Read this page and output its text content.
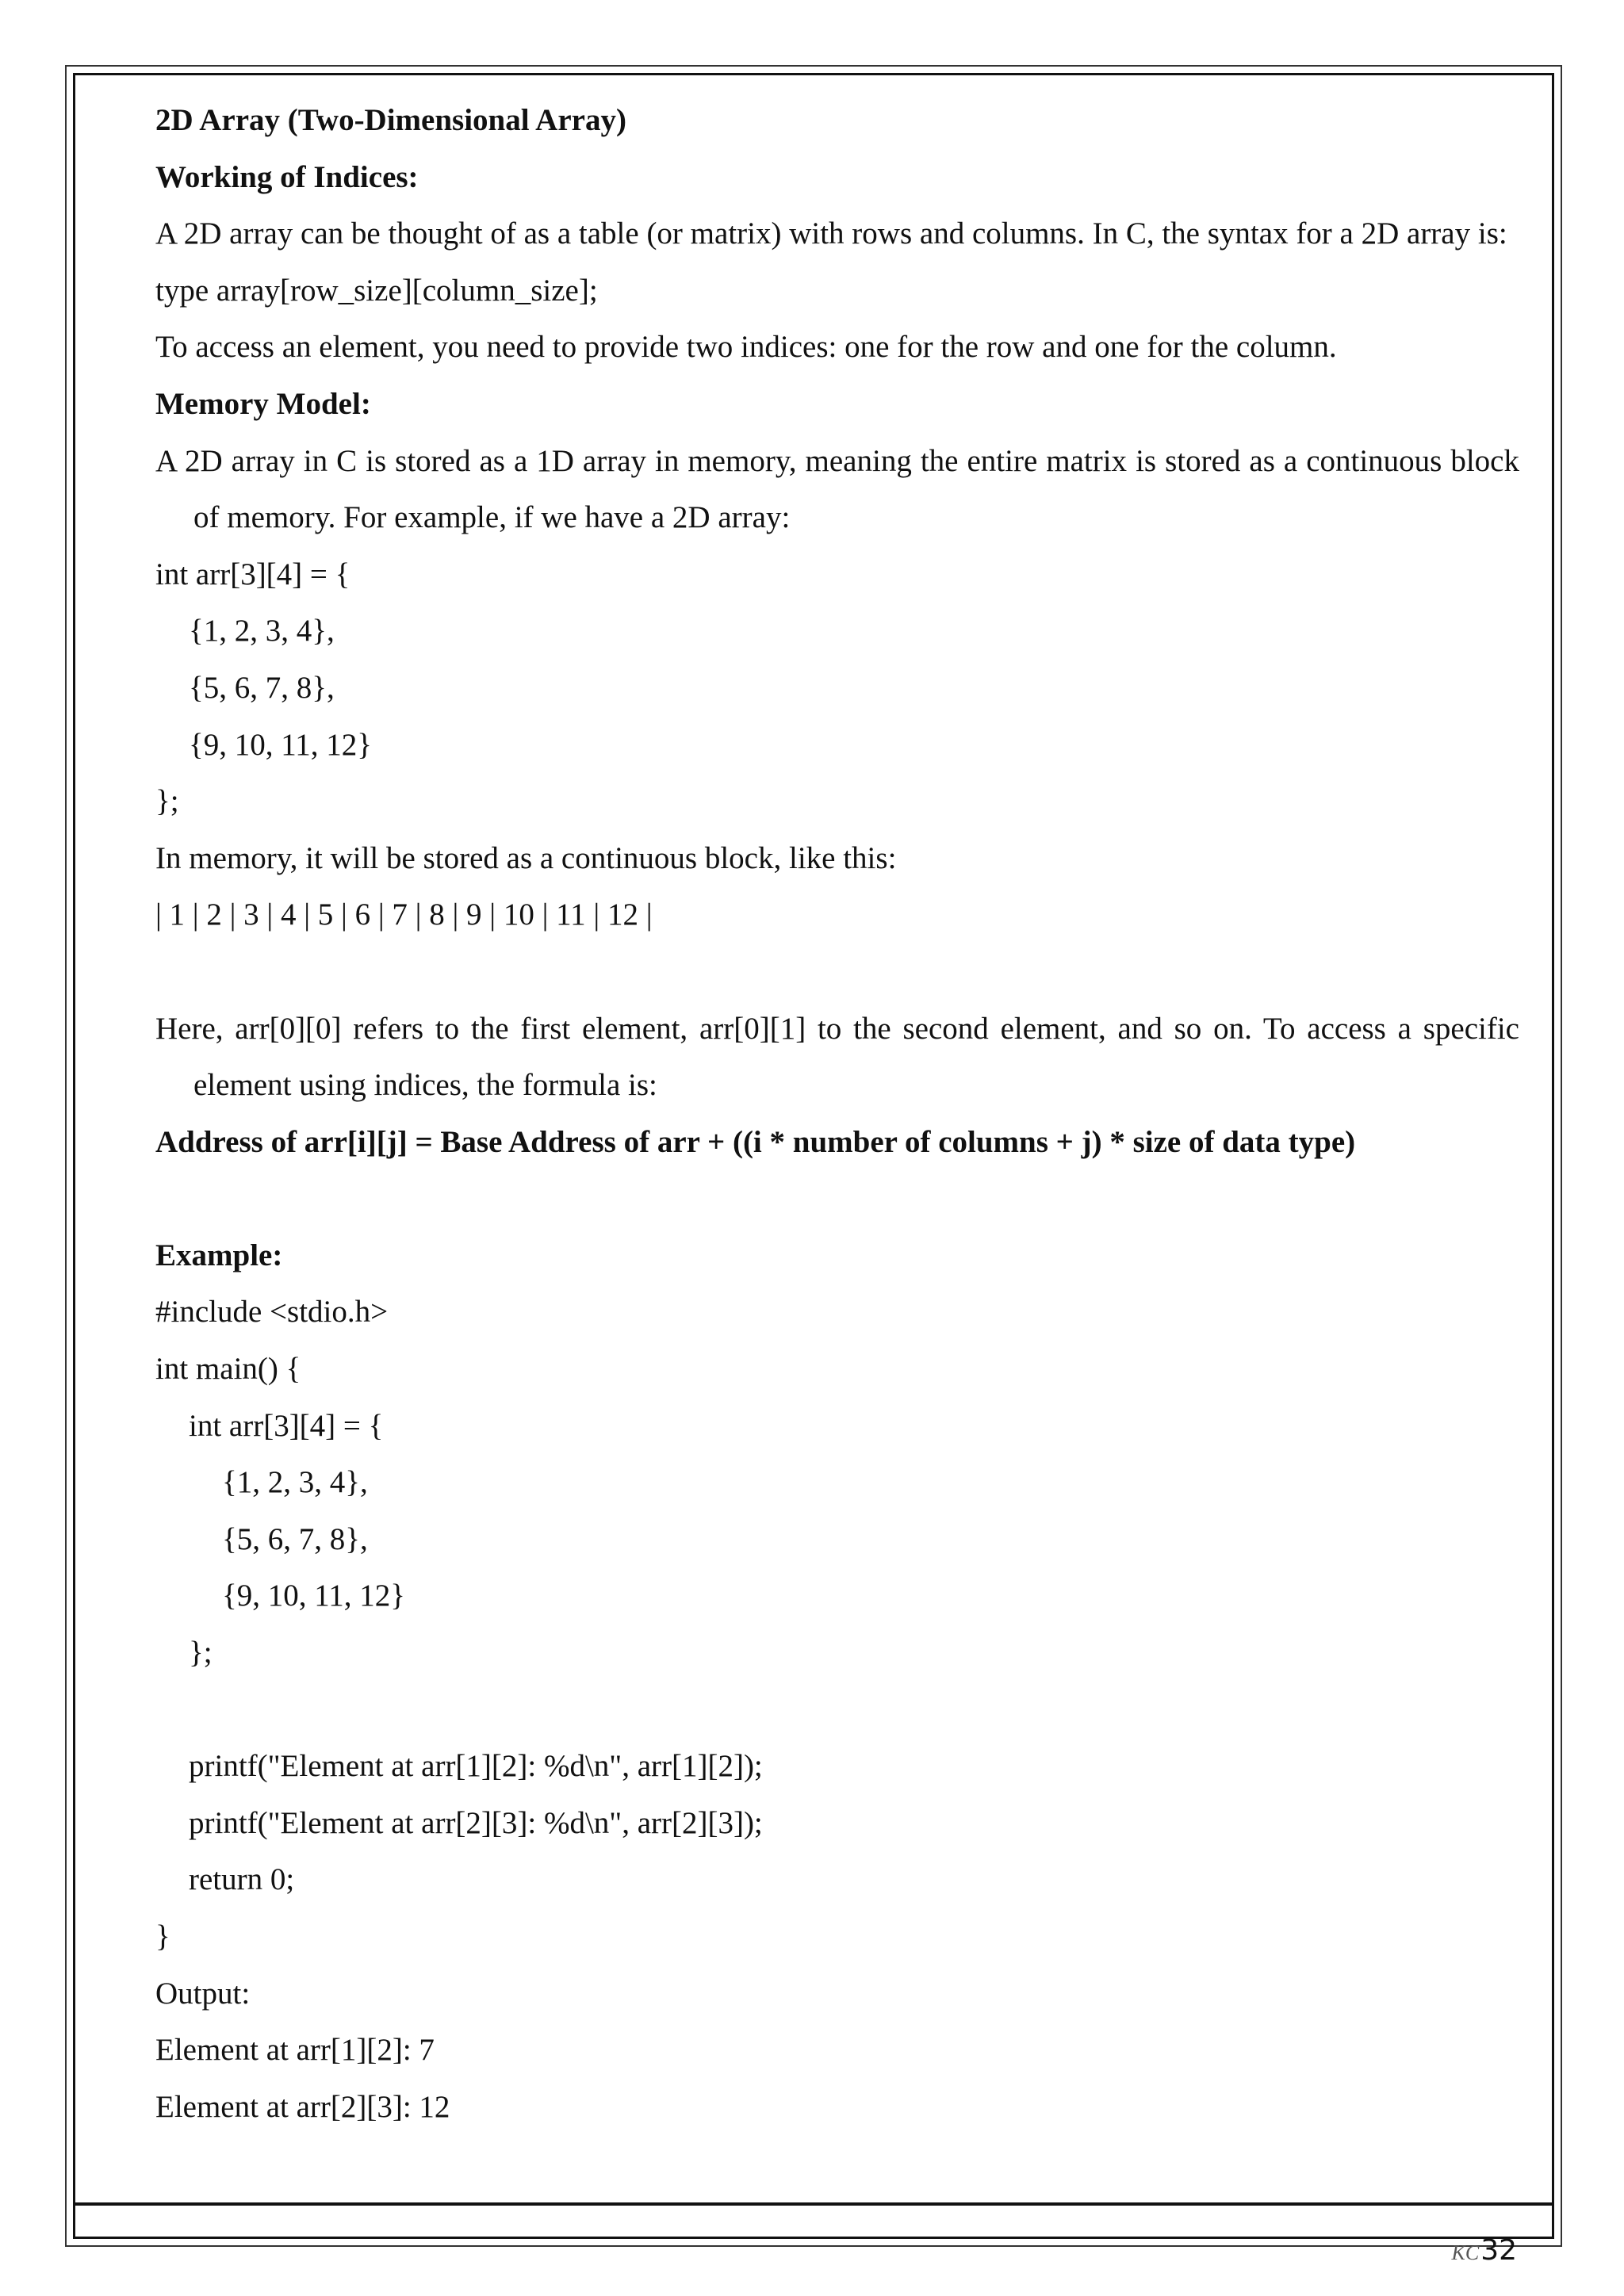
2D Array (Two-Dimensional Array)
Working of Indices:
A 2D array can be thought of as a table (or matrix) with rows and columns. In C, the syntax for a 2D array is:
type array[row_size][column_size];
To access an element, you need to provide two indices: one for the row and one for the column.
Memory Model:
A 2D array in C is stored as a 1D array in memory, meaning the entire matrix is stored as a continuous block of memory. For example, if we have a 2D array:
int arr[3][4] = {
{1, 2, 3, 4},
{5, 6, 7, 8},
{9, 10, 11, 12}
};
In memory, it will be stored as a continuous block, like this:
| 1 | 2 | 3 | 4 | 5 | 6 | 7 | 8 | 9 | 10 | 11 | 12 |
Here, arr[0][0] refers to the first element, arr[0][1] to the second element, and so on. To access a specific element using indices, the formula is:
Address of arr[i][j] = Base Address of arr + ((i * number of columns + j) * size of data type)
Example:
#include <stdio.h>
int main() {
int arr[3][4] = {
{1, 2, 3, 4},
{5, 6, 7, 8},
{9, 10, 11, 12}
};
printf("Element at arr[1][2]: %d\n", arr[1][2]);
printf("Element at arr[2][3]: %d\n", arr[2][3]);
return 0;
}
Output:
Element at arr[1][2]: 7
Element at arr[2][3]: 12
KC 32
